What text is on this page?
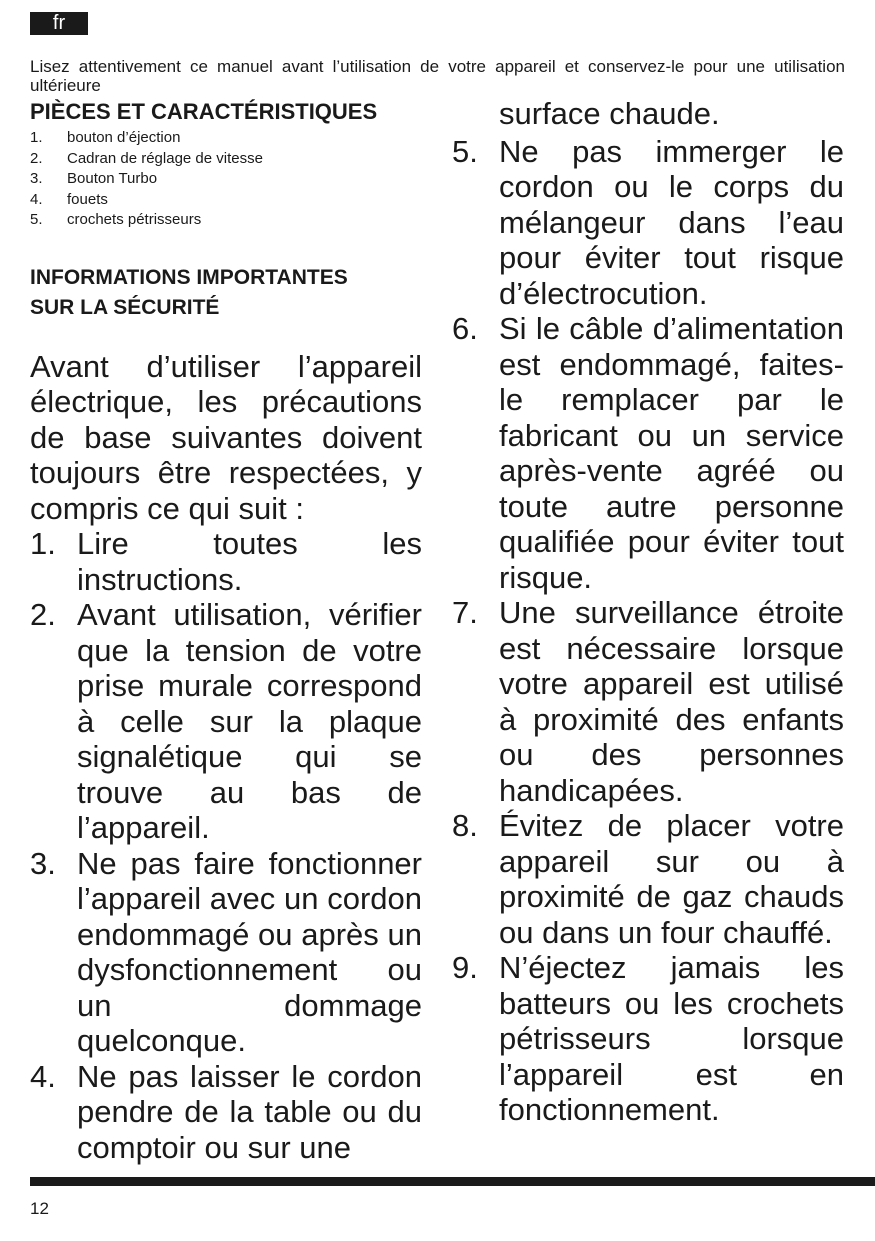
fr

Lisez attentivement ce manuel avant l’utilisation de votre appareil et conservez-le pour une utilisation ultérieure

PIÈCES ET CARACTÉRISTIQUES
1.	bouton d’éjection
2.	Cadran de réglage de vitesse
3.	Bouton Turbo
4.	fouets
5.	crochets pétrisseurs
INFORMATIONS IMPORTANTES
SUR LA SÉCURITÉ

Avant d’utiliser l’appareil électrique, les précautions de base suivantes doivent toujours être respectées, y compris ce qui suit :

1. Lire toutes les instructions.
2. Avant utilisation, vérifier que la tension de votre prise murale correspond à celle sur la plaque signalétique qui se trouve au bas de l’appareil.
3. Ne pas faire fonctionner l’appareil avec un cordon endommagé ou après un dysfonctionnement ou un dommage quelconque.
4. Ne pas laisser le cordon pendre de la table ou du comptoir ou sur une

surface chaude.

5. Ne pas immerger le cordon ou le corps du mélangeur dans l’eau pour éviter tout risque d’électrocution.
6. Si le câble d’alimentation est endommagé, faites-le remplacer par le fabricant ou un service après-vente agréé ou toute autre personne qualifiée pour éviter tout risque.
7. Une surveillance étroite est nécessaire lorsque votre appareil est utilisé à proximité des enfants ou des personnes handicapées.
8. Évitez de placer votre appareil sur ou à proximité de gaz chauds ou dans un four chauffé.
9. N’éjectez jamais les batteurs ou les crochets pétrisseurs lorsque l’appareil est en fonctionnement.
12
